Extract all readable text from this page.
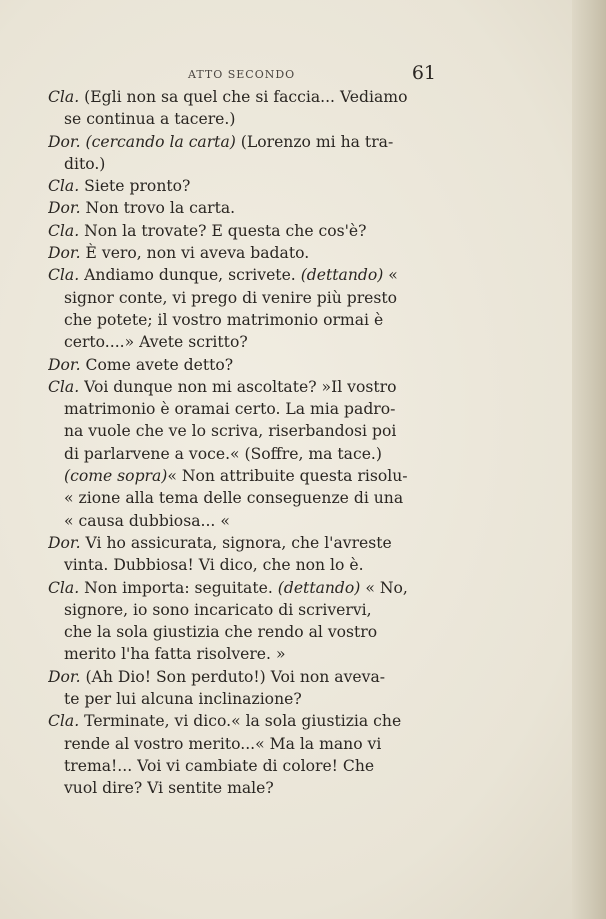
ATTO SECONDO	61
Cla. (Egli non sa quel che si faccia... Vediamo
se continua a tacere.)
Dor. (cercando la carta) (Lorenzo mi ha tra-
dito.)
Cla. Siete pronto?
Dor. Non trovo la carta.
Cla. Non la trovate? E questa che cos'è?
Dor. È vero, non vi aveva badato.
Cla. Andiamo dunque, scrivete. (dettando) «
signor conte, vi prego di venire più presto
che potete; il vostro matrimonio ormai è
certo....» Avete scritto?
Dor. Come avete detto?
Cla. Voi dunque non mi ascoltate? »Il vostro
matrimonio è oramai certo. La mia padro-
na vuole che ve lo scriva, riserbandosi poi
di parlarvene a voce.« (Soffre, ma tace.)
(come sopra)« Non attribuite questa risolu-
« zione alla tema delle conseguenze di una
« causa dubbiosa... «
Dor. Vi ho assicurata, signora, che l'avreste
vinta. Dubbiosa! Vi dico, che non lo è.
Cla. Non importa: seguitate. (dettando) « No,
signore, io sono incaricato di scrivervi,
che la sola giustizia che rendo al vostro
merito l'ha fatta risolvere. »
Dor. (Ah Dio! Son perduto!) Voi non aveva-
te per lui alcuna inclinazione?
Cla. Terminate, vi dico.« la sola giustizia che
rende al vostro merito...« Ma la mano vi
trema!... Voi vi cambiate di colore! Che
vuol dire? Vi sentite male?
